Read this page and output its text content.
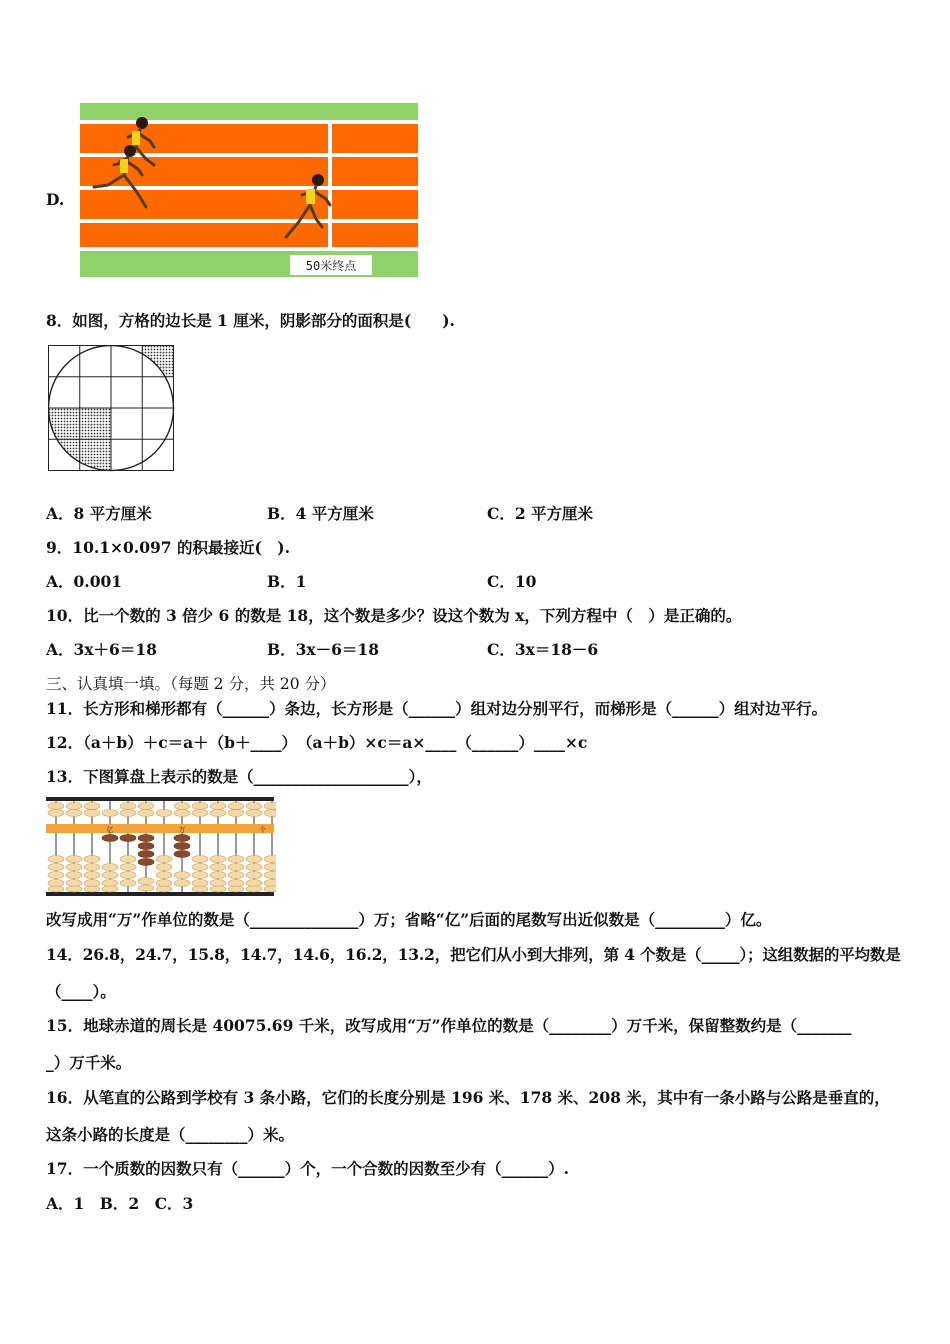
D.
50米终点
8．如图，方格的边长是 1 厘米，阴影部分的面积是(　　).
A．8 平方厘米	B．4 平方厘米	C．2 平方厘米
9．10.1×0.097 的积最接近(　).
A．0.001	B．1	C．10
10．比一个数的 3 倍少 6 的数是 18，这个数是多少？设这个数为 x，下列方程中（　）是正确的。
A．3x＋6＝18	B．3x－6＝18	C．3x＝18－6
三、认真填一填。（每题 2 分，共 20 分）
11．长方形和梯形都有（______）条边，长方形是（______）组对边分别平行，而梯形是（______）组对边平行。
12．（a＋b）＋c＝a＋（b＋____）　（a＋b）×c＝a×____（______）____×c
13．下图算盘上表示的数是（____________________），
亿	万	个
改写成用“万”作单位的数是（______________）万；省略“亿”后面的尾数写出近似数是（_________）亿。
14．26.8，24.7，15.8，14.7，14.6，16.2，13.2，把它们从小到大排列，第 4 个数是（_____）；这组数据的平均数是
（____）。
15．地球赤道的周长是 40075.69 千米，改写成用“万”作单位的数是（________）万千米，保留整数约是（_______
_）万千米。
16．从笔直的公路到学校有 3 条小路，它们的长度分别是 196 米、178 米、208 米，其中有一条小路与公路是垂直的，
这条小路的长度是（________）米。
17．一个质数的因数只有（______）个，一个合数的因数至少有（______）.
A．1　B．2　C．3
